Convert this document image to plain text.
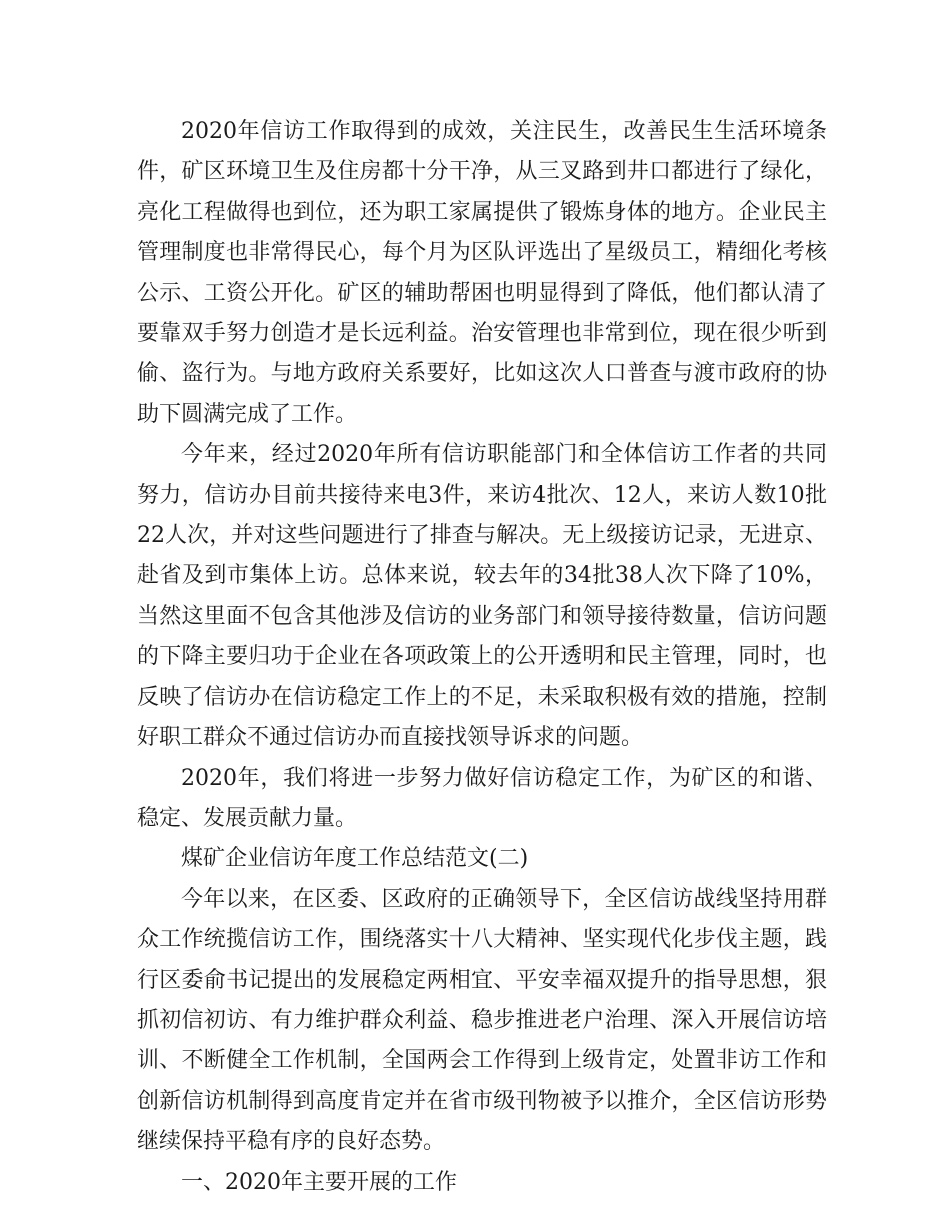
2020年信访工作取得到的成效，关注民生，改善民生生活环境条件，矿区环境卫生及住房都十分干净，从三叉路到井口都进行了绿化，亮化工程做得也到位，还为职工家属提供了锻炼身体的地方。企业民主管理制度也非常得民心，每个月为区队评选出了星级员工，精细化考核公示、工资公开化。矿区的辅助帮困也明显得到了降低，他们都认清了要靠双手努力创造才是长远利益。治安管理也非常到位，现在很少听到偷、盗行为。与地方政府关系要好，比如这次人口普查与渡市政府的协助下圆满完成了工作。

今年来，经过2020年所有信访职能部门和全体信访工作者的共同努力，信访办目前共接待来电3件，来访4批次、12人，来访人数10批22人次，并对这些问题进行了排查与解决。无上级接访记录，无进京、赴省及到市集体上访。总体来说，较去年的34批38人次下降了10%，当然这里面不包含其他涉及信访的业务部门和领导接待数量，信访问题的下降主要归功于企业在各项政策上的公开透明和民主管理，同时，也反映了信访办在信访稳定工作上的不足，未采取积极有效的措施，控制好职工群众不通过信访办而直接找领导诉求的问题。

2020年，我们将进一步努力做好信访稳定工作，为矿区的和谐、稳定、发展贡献力量。

煤矿企业信访年度工作总结范文(二)

今年以来，在区委、区政府的正确领导下，全区信访战线坚持用群众工作统揽信访工作，围绕落实十八大精神、坚实现代化步伐主题，践行区委俞书记提出的发展稳定两相宜、平安幸福双提升的指导思想，狠抓初信初访、有力维护群众利益、稳步推进老户治理、深入开展信访培训、不断健全工作机制，全国两会工作得到上级肯定，处置非访工作和创新信访机制得到高度肯定并在省市级刊物被予以推介，全区信访形势继续保持平稳有序的良好态势。

一、2020年主要开展的工作
